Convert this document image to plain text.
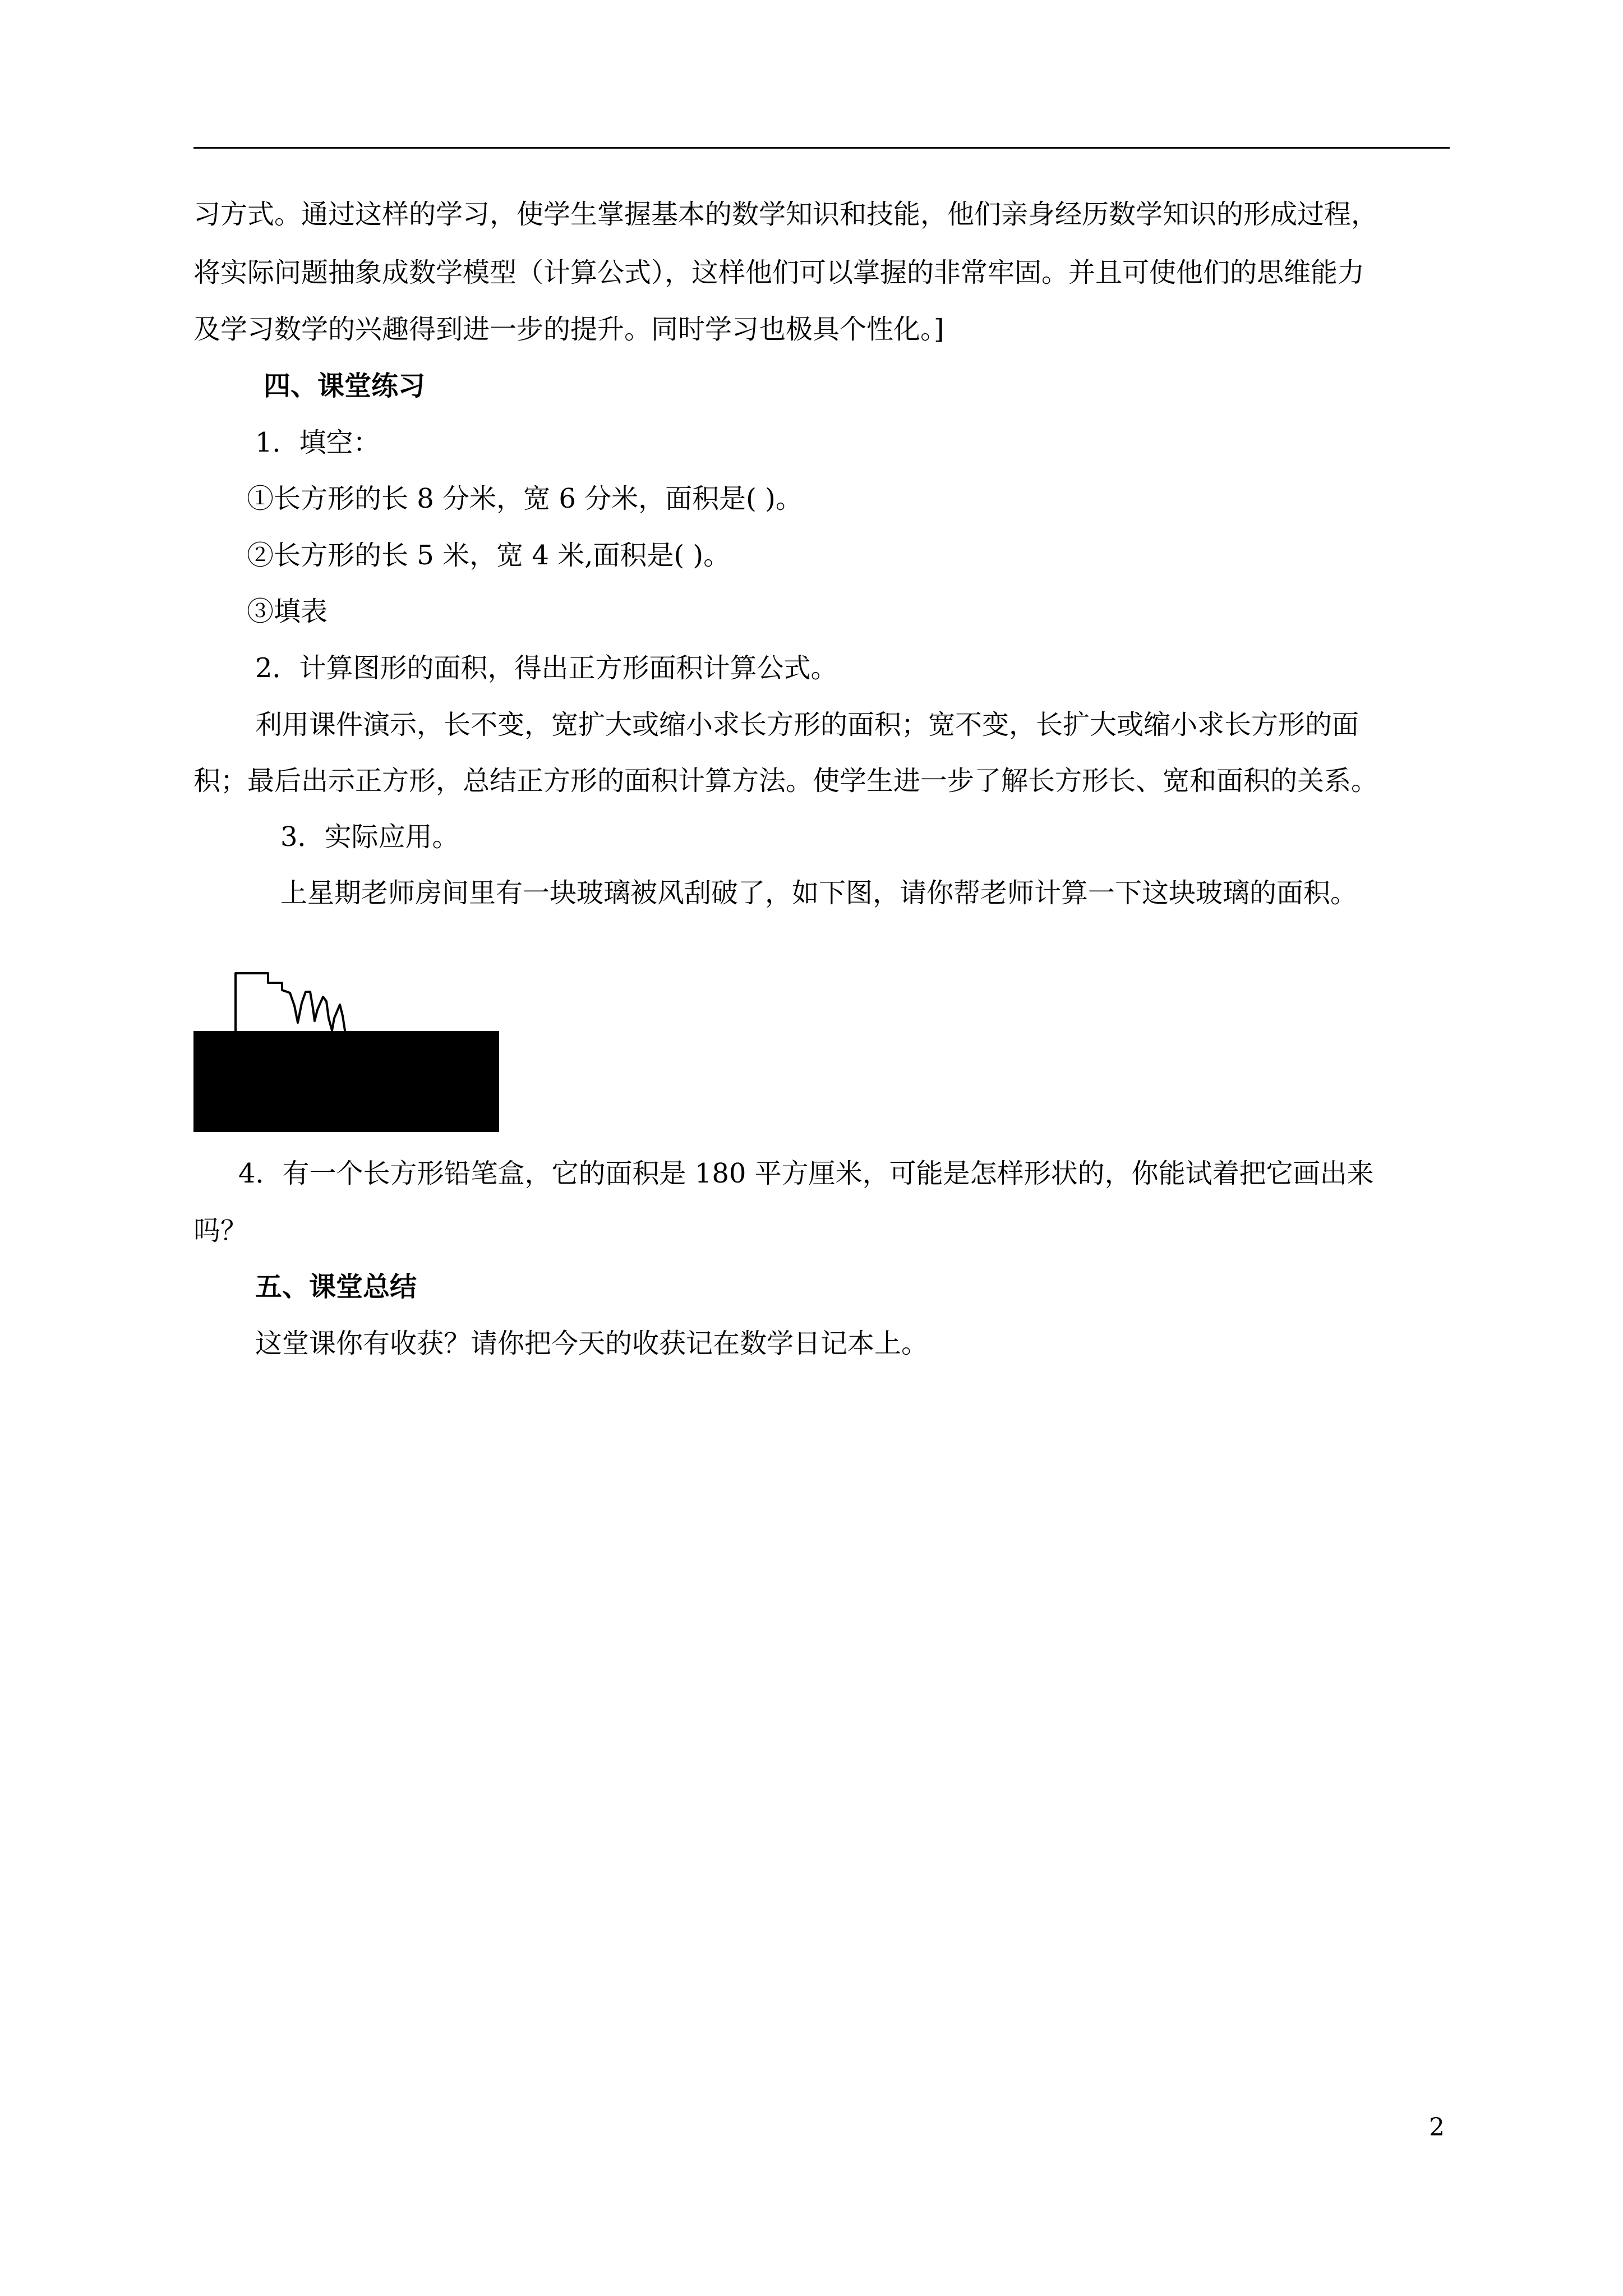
习方式。通过这样的学习，使学生掌握基本的数学知识和技能，他们亲身经历数学知识的形成过程，
将实际问题抽象成数学模型（计算公式），这样他们可以掌握的非常牢固。并且可使他们的思维能力
及学习数学的兴趣得到进一步的提升。同时学习也极具个性化。]
四、课堂练习
1．填空：
①长方形的长 8 分米，宽 6 分米，面积是( )。
②长方形的长 5 米，宽 4 米,面积是( )。
③填表
2．计算图形的面积，得出正方形面积计算公式。
利用课件演示，长不变，宽扩大或缩小求长方形的面积；宽不变，长扩大或缩小求长方形的面
积；最后出示正方形，总结正方形的面积计算方法。使学生进一步了解长方形长、宽和面积的关系。
3．实际应用。
上星期老师房间里有一块玻璃被风刮破了，如下图，请你帮老师计算一下这块玻璃的面积。
4．有一个长方形铅笔盒，它的面积是 180 平方厘米，可能是怎样形状的，你能试着把它画出来
吗？
五、课堂总结
这堂课你有收获？请你把今天的收获记在数学日记本上。
2
